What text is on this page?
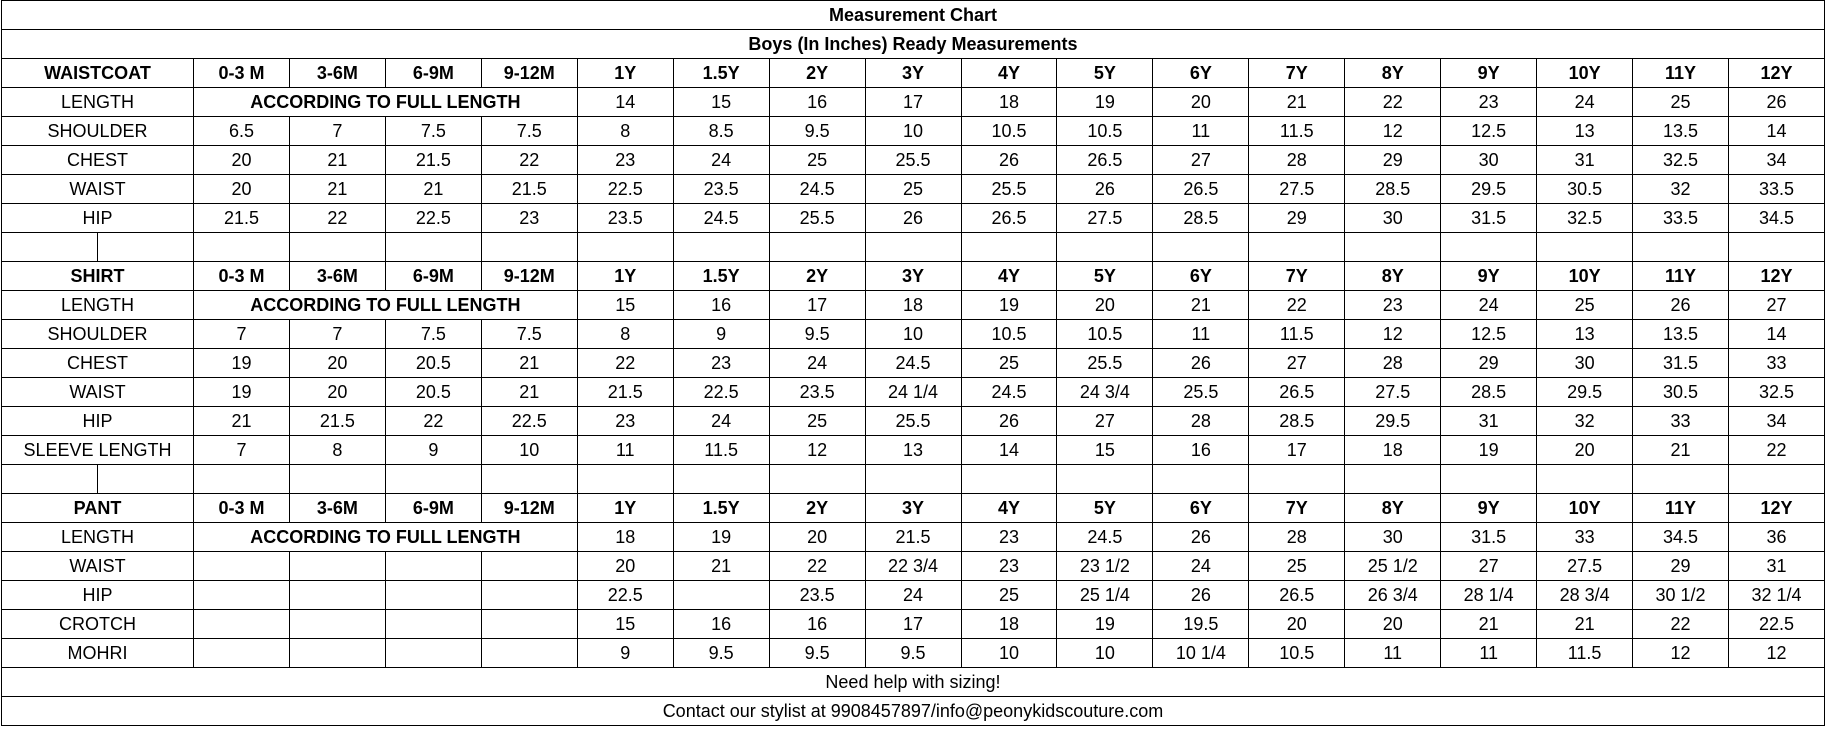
Measurement Chart																	
Boys (In Inches) Ready Measurements																	
WAISTCOAT	0-3 M	3-6M	6-9M	9-12M	1Y	1.5Y	2Y	3Y	4Y	5Y	6Y	7Y	8Y	9Y	10Y	11Y	12Y
LENGTH	ACCORDING TO FULL LENGTH				14	15	16	17	18	19	20	21	22	23	24	25	26
SHOULDER	6.5	7	7.5	7.5	8	8.5	9.5	10	10.5	10.5	11	11.5	12	12.5	13	13.5	14
CHEST	20	21	21.5	22	23	24	25	25.5	26	26.5	27	28	29	30	31	32.5	34
WAIST	20	21	21	21.5	22.5	23.5	24.5	25	25.5	26	26.5	27.5	28.5	29.5	30.5	32	33.5
HIP	21.5	22	22.5	23	23.5	24.5	25.5	26	26.5	27.5	28.5	29	30	31.5	32.5	33.5	34.5

SHIRT	0-3 M	3-6M	6-9M	9-12M	1Y	1.5Y	2Y	3Y	4Y	5Y	6Y	7Y	8Y	9Y	10Y	11Y	12Y
LENGTH	ACCORDING TO FULL LENGTH				15	16	17	18	19	20	21	22	23	24	25	26	27
SHOULDER	7	7	7.5	7.5	8	9	9.5	10	10.5	10.5	11	11.5	12	12.5	13	13.5	14
CHEST	19	20	20.5	21	22	23	24	24.5	25	25.5	26	27	28	29	30	31.5	33
WAIST	19	20	20.5	21	21.5	22.5	23.5	24 1/4	24.5	24 3/4	25.5	26.5	27.5	28.5	29.5	30.5	32.5
HIP	21	21.5	22	22.5	23	24	25	25.5	26	27	28	28.5	29.5	31	32	33	34
SLEEVE LENGTH	7	8	9	10	11	11.5	12	13	14	15	16	17	18	19	20	21	22

PANT	0-3 M	3-6M	6-9M	9-12M	1Y	1.5Y	2Y	3Y	4Y	5Y	6Y	7Y	8Y	9Y	10Y	11Y	12Y
LENGTH	ACCORDING TO FULL LENGTH				18	19	20	21.5	23	24.5	26	28	30	31.5	33	34.5	36
WAIST					20	21	22	22 3/4	23	23 1/2	24	25	25 1/2	27	27.5	29	31
HIP					22.5		23.5	24	25	25 1/4	26	26.5	26 3/4	28 1/4	28 3/4	30 1/2	32 1/4
CROTCH					15	16	16	17	18	19	19.5	20	20	21	21	22	22.5
MOHRI					9	9.5	9.5	9.5	10	10	10 1/4	10.5	11	11	11.5	12	12
Need help with sizing!																	
Contact our stylist at 9908457897/info@peonykidscouture.com																	
